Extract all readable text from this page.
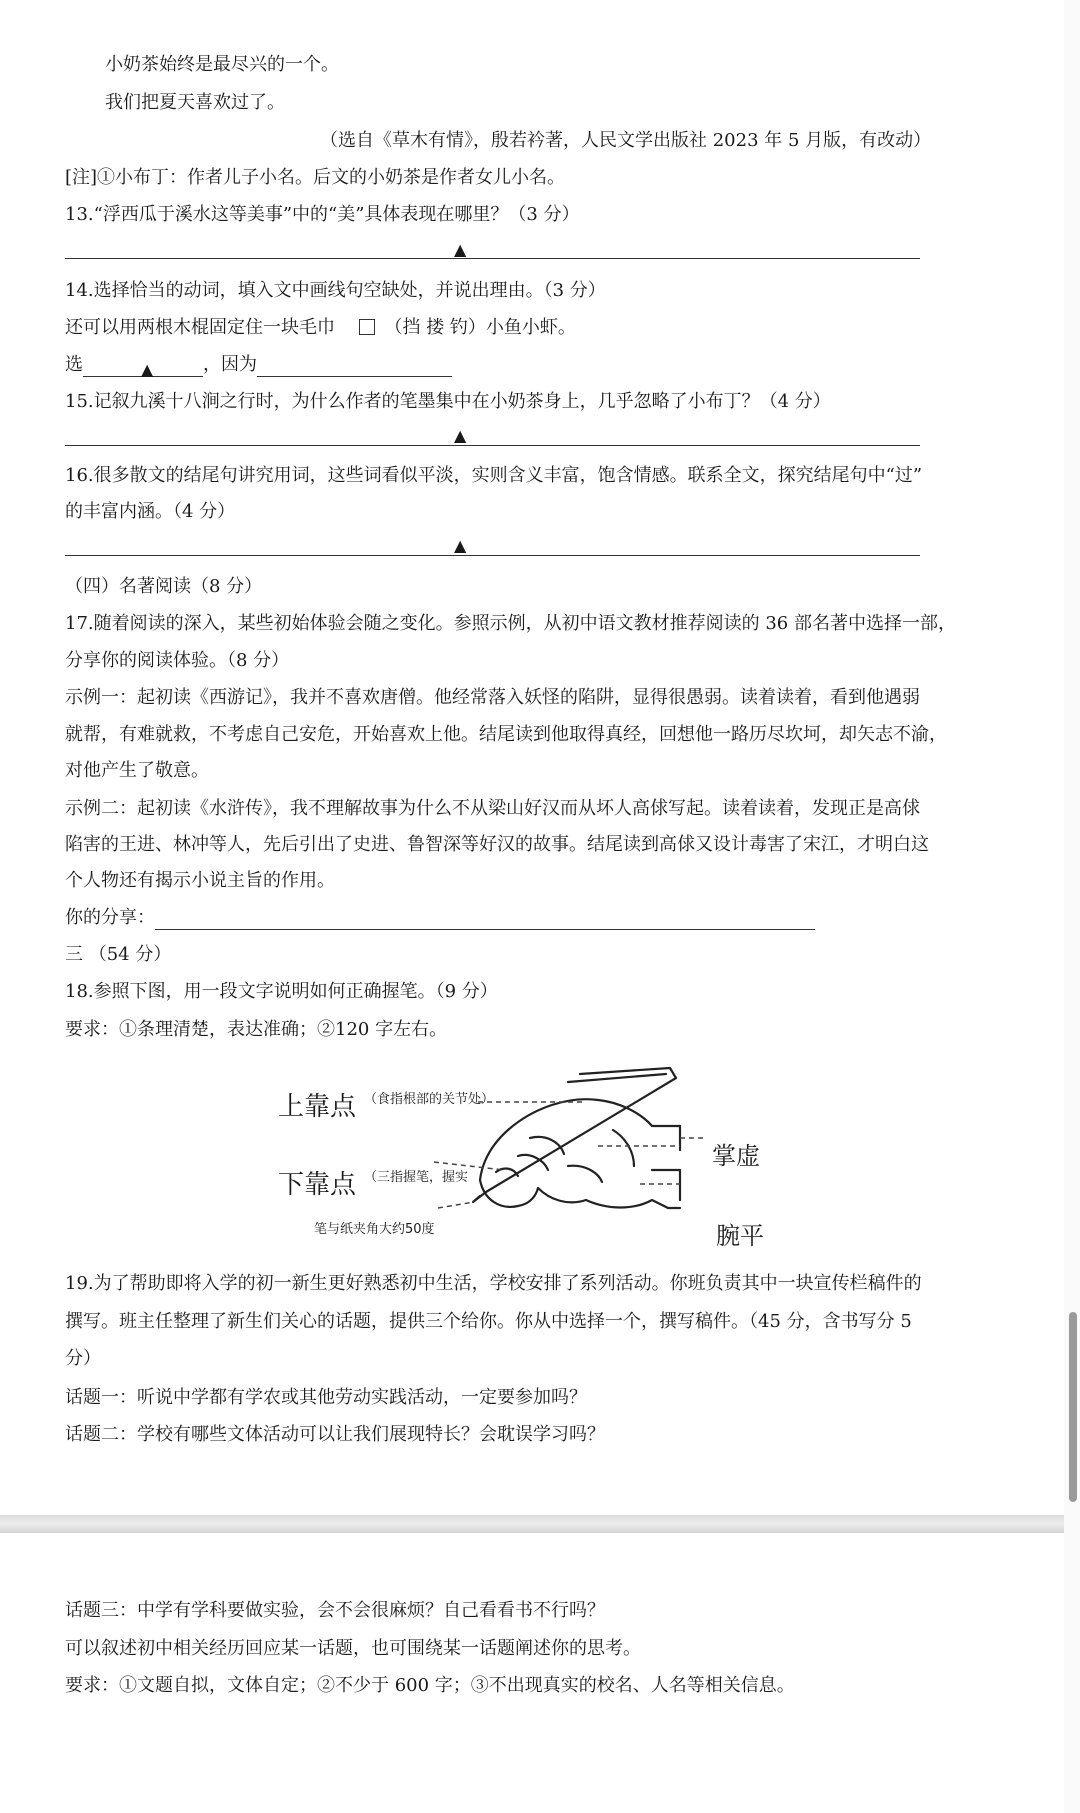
小奶茶始终是最尽兴的一个。
我们把夏天喜欢过了。
（选自《草木有情》，殷若衿著，人民文学出版社 2023 年 5 月版，有改动）
[注]①小布丁：作者儿子小名。后文的小奶茶是作者女儿小名。
13.“浮西瓜于溪水这等美事”中的“美”具体表现在哪里？（3 分）
▲
14.选择恰当的动词，填入文中画线句空缺处，并说出理由。（3 分）
还可以用两根木棍固定住一块毛巾	（挡 搂 钓）小鱼小虾。
选	▲	，因为
15.记叙九溪十八涧之行时，为什么作者的笔墨集中在小奶茶身上，几乎忽略了小布丁？（4 分）
▲
16.很多散文的结尾句讲究用词，这些词看似平淡，实则含义丰富，饱含情感。联系全文，探究结尾句中“过”
的丰富内涵。（4 分）
▲
（四）名著阅读（8 分）
17.随着阅读的深入，某些初始体验会随之变化。参照示例，从初中语文教材推荐阅读的 36 部名著中选择一部，
分享你的阅读体验。（8 分）
示例一：起初读《西游记》，我并不喜欢唐僧。他经常落入妖怪的陷阱，显得很愚弱。读着读着，看到他遇弱
就帮，有难就救，不考虑自己安危，开始喜欢上他。结尾读到他取得真经，回想他一路历尽坎坷，却矢志不渝，
对他产生了敬意。
示例二：起初读《水浒传》，我不理解故事为什么不从梁山好汉而从坏人高俅写起。读着读着，发现正是高俅
陷害的王进、林冲等人，先后引出了史进、鲁智深等好汉的故事。结尾读到高俅又设计毒害了宋江，才明白这
个人物还有揭示小说主旨的作用。
你的分享：
三 （54 分）
18.参照下图，用一段文字说明如何正确握笔。（9 分）
要求：①条理清楚，表达准确；②120 字左右。
上靠点 （食指根部的关节处）
下靠点 （三指握笔，握实
笔与纸夹角大约50度
掌虚
腕平
19.为了帮助即将入学的初一新生更好熟悉初中生活，学校安排了系列活动。你班负责其中一块宣传栏稿件的
撰写。班主任整理了新生们关心的话题，提供三个给你。你从中选择一个，撰写稿件。（45 分，含书写分 5
分）
话题一：听说中学都有学农或其他劳动实践活动，一定要参加吗？
话题二：学校有哪些文体活动可以让我们展现特长？会耽误学习吗？
话题三：中学有学科要做实验，会不会很麻烦？自己看看书不行吗？
可以叙述初中相关经历回应某一话题，也可围绕某一话题阐述你的思考。
要求：①文题自拟，文体自定；②不少于 600 字；③不出现真实的校名、人名等相关信息。
